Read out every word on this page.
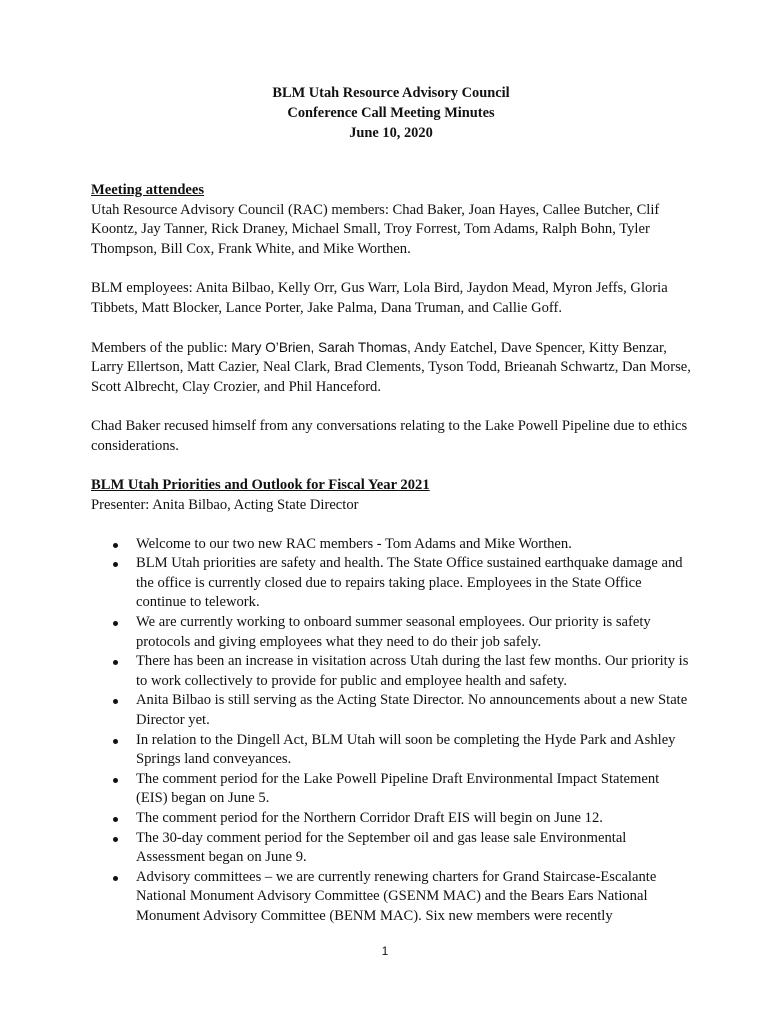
BLM Utah Resource Advisory Council
Conference Call Meeting Minutes
June 10, 2020

Meeting attendees

Utah Resource Advisory Council (RAC) members: Chad Baker, Joan Hayes, Callee Butcher, Clif Koontz, Jay Tanner, Rick Draney, Michael Small, Troy Forrest, Tom Adams, Ralph Bohn, Tyler Thompson, Bill Cox, Frank White, and Mike Worthen.

BLM employees: Anita Bilbao, Kelly Orr, Gus Warr, Lola Bird, Jaydon Mead, Myron Jeffs, Gloria Tibbets, Matt Blocker, Lance Porter, Jake Palma, Dana Truman, and Callie Goff.

Members of the public: Mary O’Brien, Sarah Thomas, Andy Eatchel, Dave Spencer, Kitty Benzar, Larry Ellertson, Matt Cazier, Neal Clark, Brad Clements, Tyson Todd, Brieanah Schwartz, Dan Morse, Scott Albrecht, Clay Crozier, and Phil Hanceford.

Chad Baker recused himself from any conversations relating to the Lake Powell Pipeline due to ethics considerations.

BLM Utah Priorities and Outlook for Fiscal Year 2021

Presenter: Anita Bilbao, Acting State Director

Welcome to our two new RAC members - Tom Adams and Mike Worthen.
BLM Utah priorities are safety and health. The State Office sustained earthquake damage and the office is currently closed due to repairs taking place. Employees in the State Office continue to telework.
We are currently working to onboard summer seasonal employees. Our priority is safety protocols and giving employees what they need to do their job safely.
There has been an increase in visitation across Utah during the last few months. Our priority is to work collectively to provide for public and employee health and safety.
Anita Bilbao is still serving as the Acting State Director. No announcements about a new State Director yet.
In relation to the Dingell Act, BLM Utah will soon be completing the Hyde Park and Ashley Springs land conveyances.
The comment period for the Lake Powell Pipeline Draft Environmental Impact Statement (EIS) began on June 5.
The comment period for the Northern Corridor Draft EIS will begin on June 12.
The 30-day comment period for the September oil and gas lease sale Environmental Assessment began on June 9.
Advisory committees – we are currently renewing charters for Grand Staircase-Escalante National Monument Advisory Committee (GSENM MAC) and the Bears Ears National Monument Advisory Committee (BENM MAC). Six new members were recently
1
